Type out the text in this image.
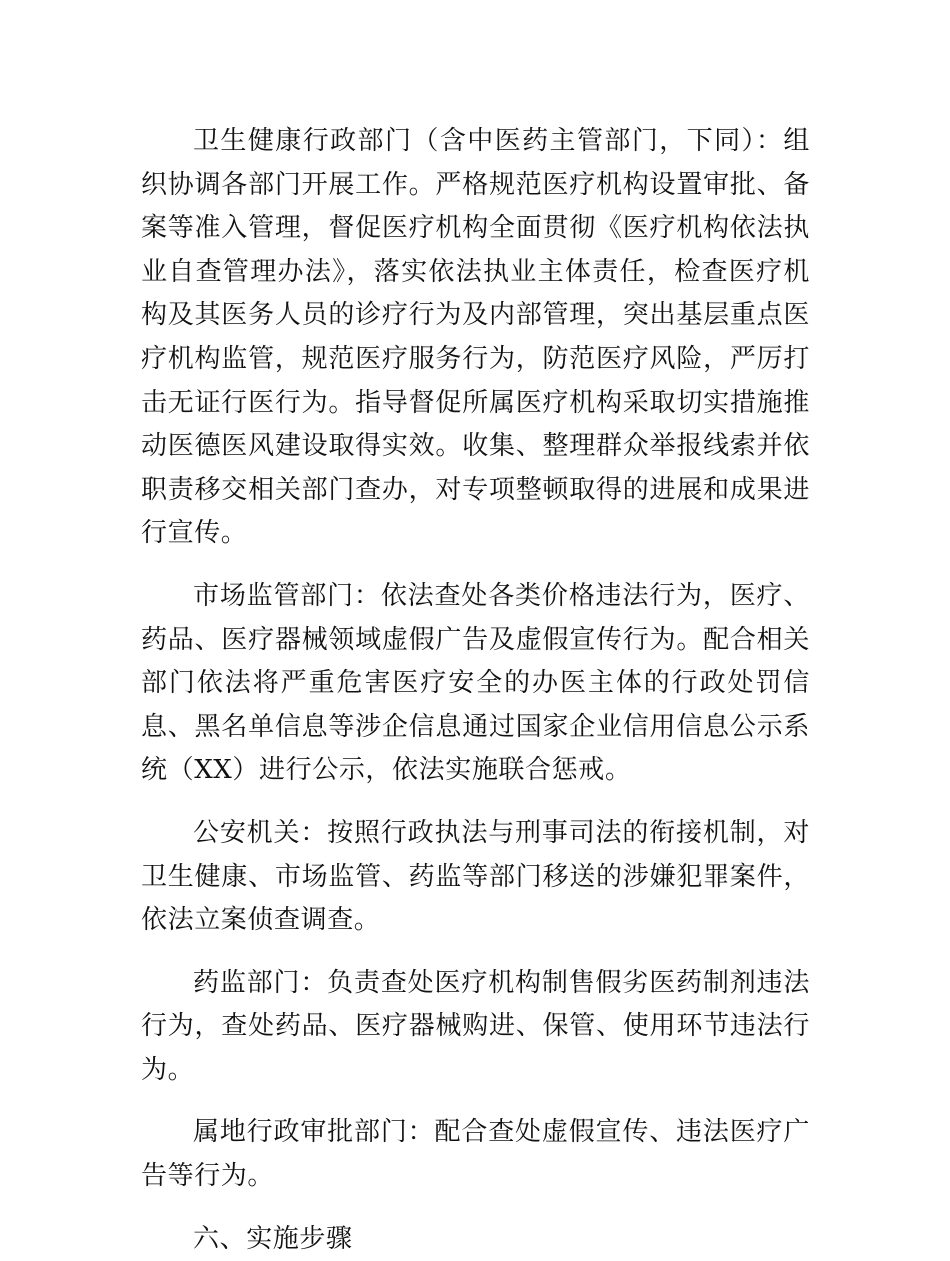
卫生健康行政部门（含中医药主管部门，下同）：组织协调各部门开展工作。严格规范医疗机构设置审批、备案等准入管理，督促医疗机构全面贯彻《医疗机构依法执业自查管理办法》，落实依法执业主体责任，检查医疗机构及其医务人员的诊疗行为及内部管理，突出基层重点医疗机构监管，规范医疗服务行为，防范医疗风险，严厉打击无证行医行为。指导督促所属医疗机构采取切实措施推动医德医风建设取得实效。收集、整理群众举报线索并依职责移交相关部门查办，对专项整顿取得的进展和成果进行宣传。

市场监管部门：依法查处各类价格违法行为，医疗、药品、医疗器械领域虚假广告及虚假宣传行为。配合相关部门依法将严重危害医疗安全的办医主体的行政处罚信息、黑名单信息等涉企信息通过国家企业信用信息公示系统（XX）进行公示，依法实施联合惩戒。

公安机关：按照行政执法与刑事司法的衔接机制，对卫生健康、市场监管、药监等部门移送的涉嫌犯罪案件，依法立案侦查调查。

药监部门：负责查处医疗机构制售假劣医药制剂违法行为，查处药品、医疗器械购进、保管、使用环节违法行为。

属地行政审批部门：配合查处虚假宣传、违法医疗广告等行为。

六、实施步骤
